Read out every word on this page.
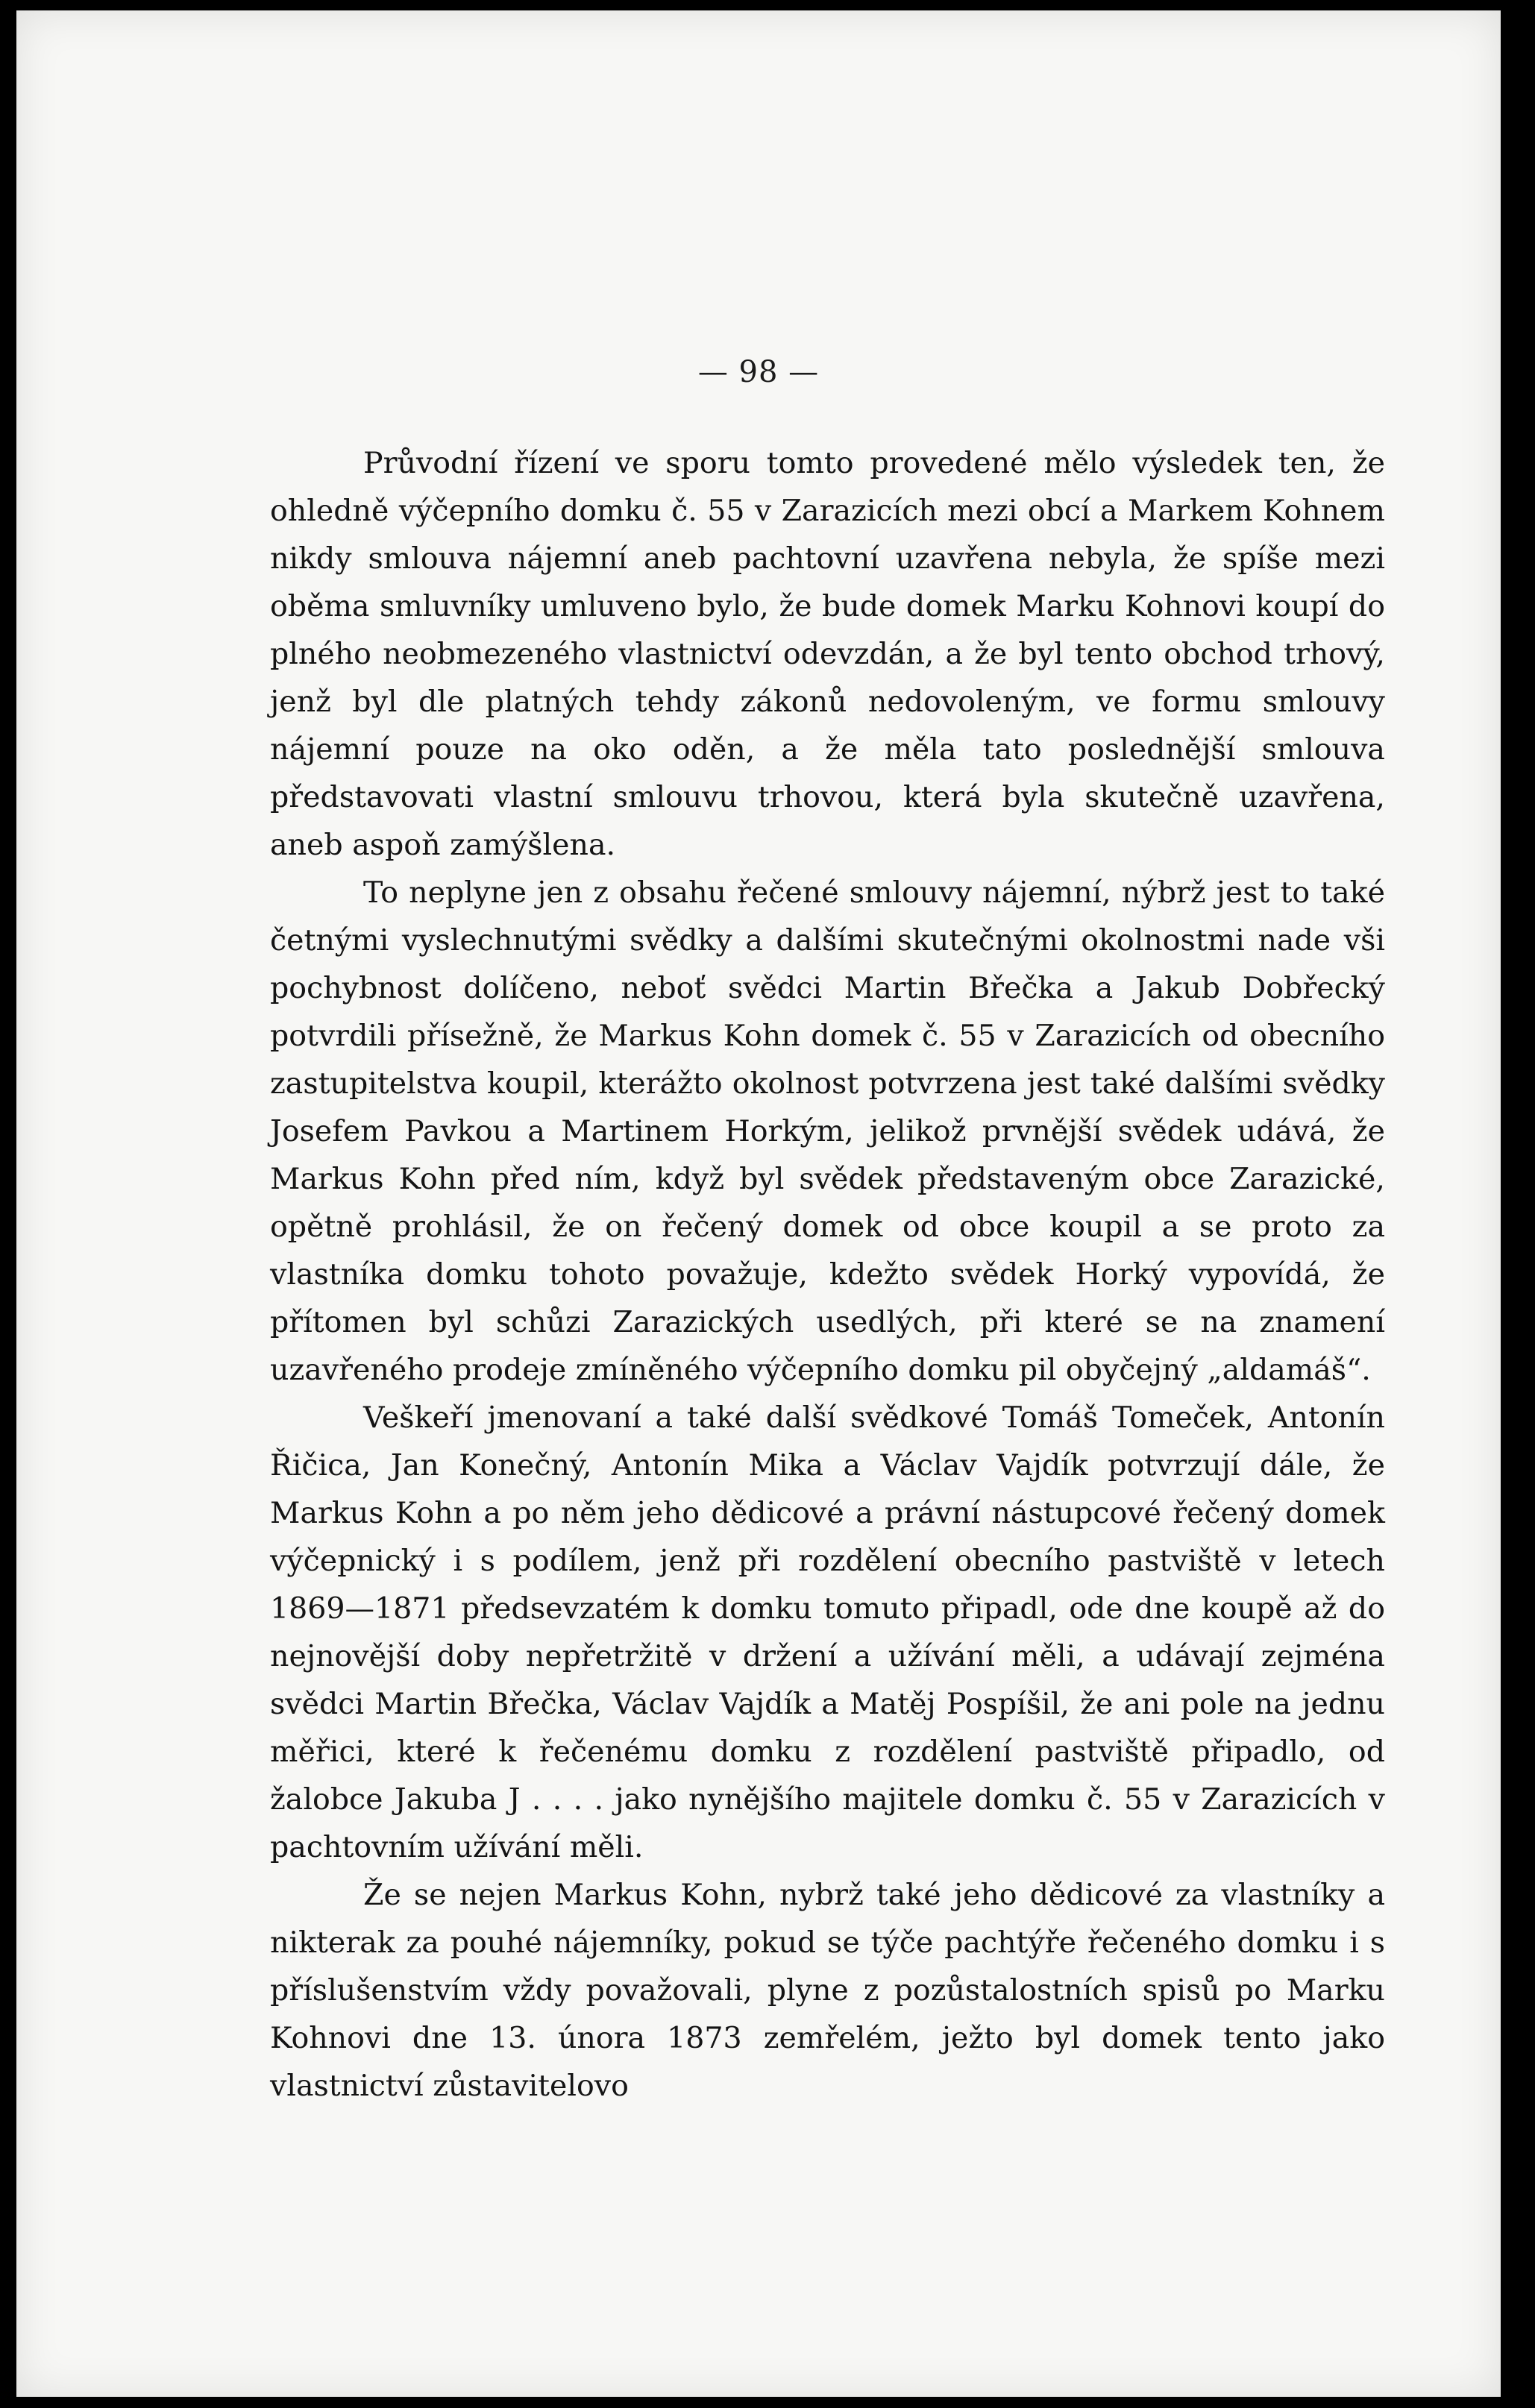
— 98 —

Průvodní řízení ve sporu tomto provedené mělo výsledek ten, že ohledně výčepního domku č. 55 v Zarazicích mezi obcí a Markem Kohnem nikdy smlouva nájemní aneb pachtovní uzavřena nebyla, že spíše mezi oběma smluvníky umluveno bylo, že bude domek Marku Kohnovi koupí do plného neobmezeného vlastnictví odevzdán, a že byl tento obchod trhový, jenž byl dle platných tehdy zákonů nedovoleným, ve formu smlouvy nájemní pouze na oko oděn, a že měla tato poslednější smlouva představovati vlastní smlouvu trhovou, která byla skutečně uzavřena, aneb aspoň zamýšlena.

To neplyne jen z obsahu řečené smlouvy nájemní, nýbrž jest to také četnými vyslechnutými svědky a dalšími skutečnými okolnostmi nade vši pochybnost dolíčeno, neboť svědci Martin Břečka a Jakub Dobřecký potvrdili přísežně, že Markus Kohn domek č. 55 v Zarazicích od obecního zastupitelstva koupil, kterážto okolnost potvrzena jest také dalšími svědky Josefem Pavkou a Martinem Horkým, jelikož prvnější svědek udává, že Markus Kohn před ním, když byl svědek představeným obce Zarazické, opětně prohlásil, že on řečený domek od obce koupil a se proto za vlastníka domku tohoto považuje, kdežto svědek Horký vypovídá, že přítomen byl schůzi Zarazických usedlých, při které se na znamení uzavřeného prodeje zmíněného výčepního domku pil obyčejný „aldamáš“.

Veškeří jmenovaní a také další svědkové Tomáš Tomeček, Antonín Řičica, Jan Konečný, Antonín Mika a Václav Vajdík potvrzují dále, že Markus Kohn a po něm jeho dědicové a právní nástupcové řečený domek výčepnický i s podílem, jenž při rozdělení obecního pastviště v letech 1869—1871 předsevzatém k domku tomuto připadl, ode dne koupě až do nejnovější doby nepřetržitě v držení a užívání měli, a udávají zejména svědci Martin Břečka, Václav Vajdík a Matěj Pospíšil, že ani pole na jednu měřici, které k řečenému domku z rozdělení pastviště připadlo, od žalobce Jakuba J . . . . jako nynějšího majitele domku č. 55 v Zarazicích v pachtovním užívání měli.

Že se nejen Markus Kohn, nybrž také jeho dědicové za vlastníky a nikterak za pouhé nájemníky, pokud se týče pachtýře řečeného domku i s příslušenstvím vždy považovali, plyne z pozůstalostních spisů po Marku Kohnovi dne 13. února 1873 zemřelém, ježto byl domek tento jako vlastnictví zůstavitelovo
